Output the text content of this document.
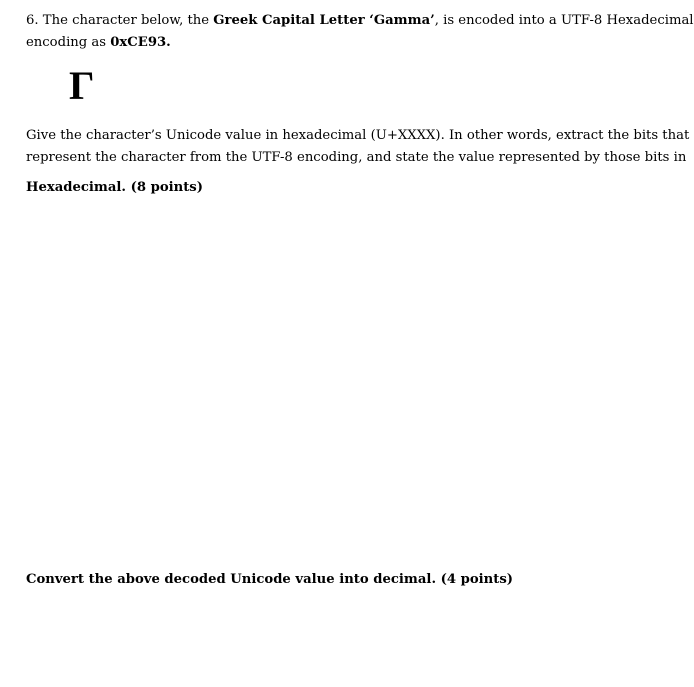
6. The character below, the Greek Capital Letter ‘Gamma’, is encoded into a UTF-8 Hexadecimal
encoding as 0xCE93.

Γ

Give the character’s Unicode value in hexadecimal (U+XXXX). In other words, extract the bits that
represent the character from the UTF-8 encoding, and state the value represented by those bits in

Hexadecimal. (8 points)

Convert the above decoded Unicode value into decimal. (4 points)
